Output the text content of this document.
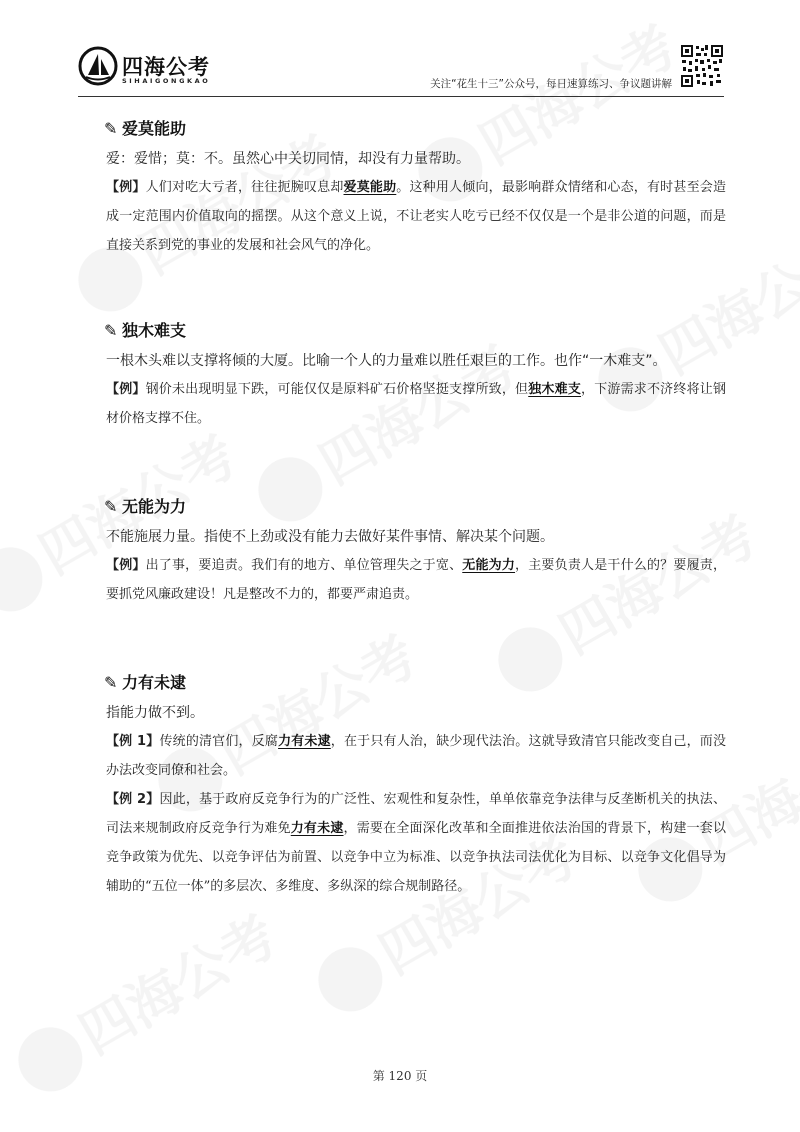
四海公考
SIHAIGONGKAO	关注“花生十三”公众号，每日速算练习、争议题讲解
✎ 爱莫能助
爱：爱惜；莫：不。虽然心中关切同情，却没有力量帮助。
【例】人们对吃大亏者，往往扼腕叹息却爱莫能助。这种用人倾向，最影响群众情绪和心态，有时甚至会造成一定范围内价值取向的摇摆。从这个意义上说，不让老实人吃亏已经不仅仅是一个是非公道的问题，而是直接关系到党的事业的发展和社会风气的净化。
✎ 独木难支
一根木头难以支撑将倾的大厦。比喻一个人的力量难以胜任艰巨的工作。也作“一木难支”。
【例】钢价未出现明显下跌，可能仅仅是原料矿石价格坚挺支撑所致，但独木难支，下游需求不济终将让钢材价格支撑不住。
✎ 无能为力
不能施展力量。指使不上劲或没有能力去做好某件事情、解决某个问题。
【例】出了事，要追责。我们有的地方、单位管理失之于宽、无能为力，主要负责人是干什么的？要履责，要抓党风廉政建设！凡是整改不力的，都要严肃追责。
✎ 力有未逮
指能力做不到。
【例 1】传统的清官们，反腐力有未逮，在于只有人治，缺少现代法治。这就导致清官只能改变自己，而没办法改变同僚和社会。
【例 2】因此，基于政府反竞争行为的广泛性、宏观性和复杂性，单单依靠竞争法律与反垄断机关的执法、司法来规制政府反竞争行为难免力有未逮，需要在全面深化改革和全面推进依法治国的背景下，构建一套以竞争政策为优先、以竞争评估为前置、以竞争中立为标准、以竞争执法司法优化为目标、以竞争文化倡导为辅助的“五位一体”的多层次、多维度、多纵深的综合规制路径。
第 120 页
